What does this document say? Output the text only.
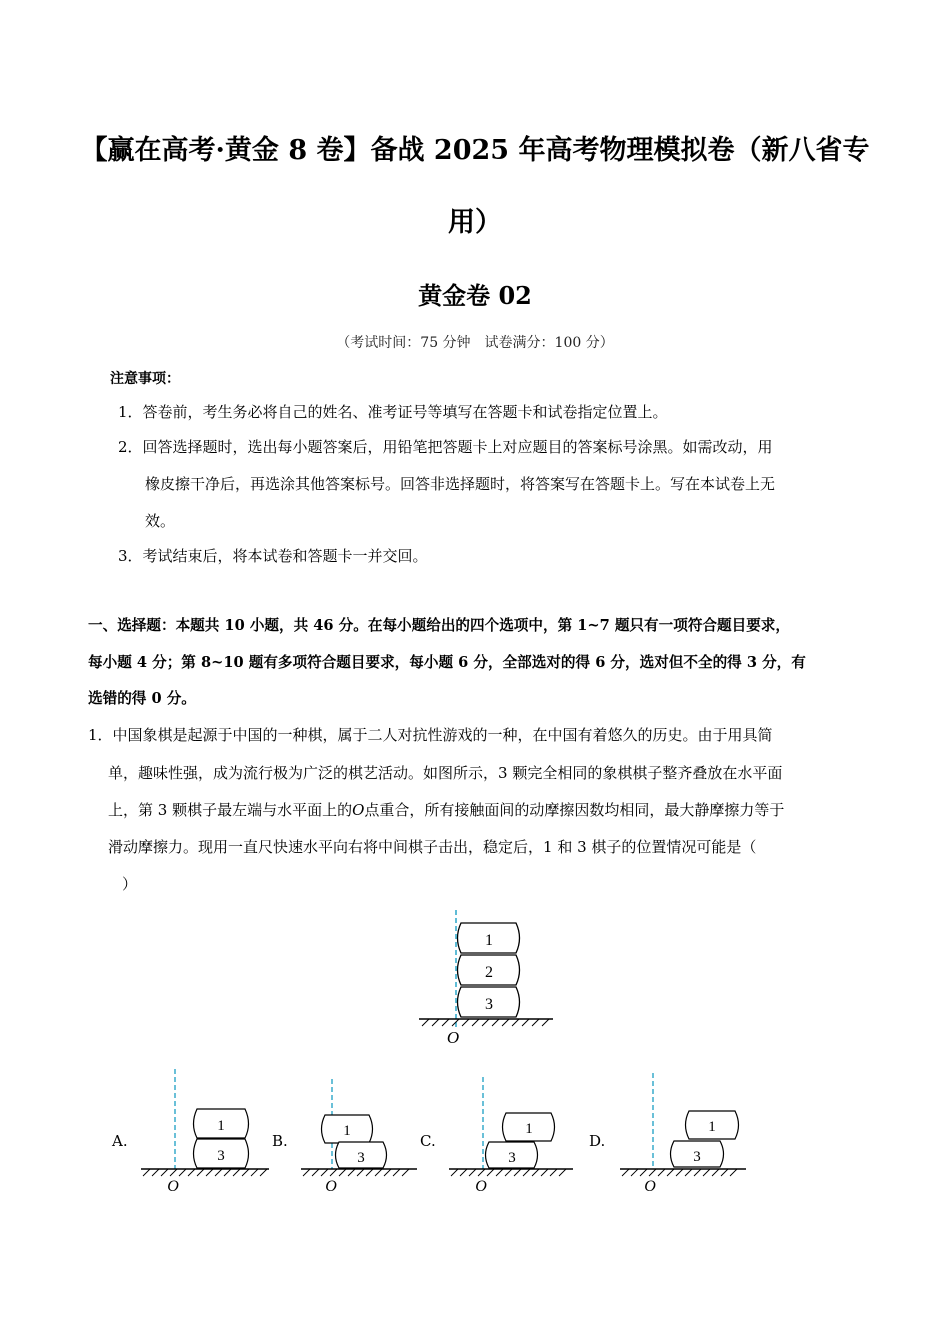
【赢在高考·黄金 8 卷】备战 2025 年高考物理模拟卷（新八省专
用）
黄金卷 02
（考试时间：75 分钟　试卷满分：100 分）
注意事项：
1．答卷前，考生务必将自己的姓名、准考证号等填写在答题卡和试卷指定位置上。
2．回答选择题时，选出每小题答案后，用铅笔把答题卡上对应题目的答案标号涂黑。如需改动，用
橡皮擦干净后，再选涂其他答案标号。回答非选择题时，将答案写在答题卡上。写在本试卷上无
效。
3．考试结束后，将本试卷和答题卡一并交回。
一、选择题：本题共 10 小题，共 46 分。在每小题给出的四个选项中，第 1~7 题只有一项符合题目要求，
每小题 4 分；第 8~10 题有多项符合题目要求，每小题 6 分，全部选对的得 6 分，选对但不全的得 3 分，有
选错的得 0 分。
1．中国象棋是起源于中国的一种棋，属于二人对抗性游戏的一种，在中国有着悠久的历史。由于用具简
单，趣味性强，成为流行极为广泛的棋艺活动。如图所示，3 颗完全相同的象棋棋子整齐叠放在水平面
上，第 3 颗棋子最左端与水平面上的O点重合，所有接触面间的动摩擦因数均相同，最大静摩擦力等于
滑动摩擦力。现用一直尺快速水平向右将中间棋子击出，稳定后，1 和 3 棋子的位置情况可能是（
）
1
2
3
O
A.
1
3
O
B.
1
3
O
C.
1
3
O
D.
1
3
O
